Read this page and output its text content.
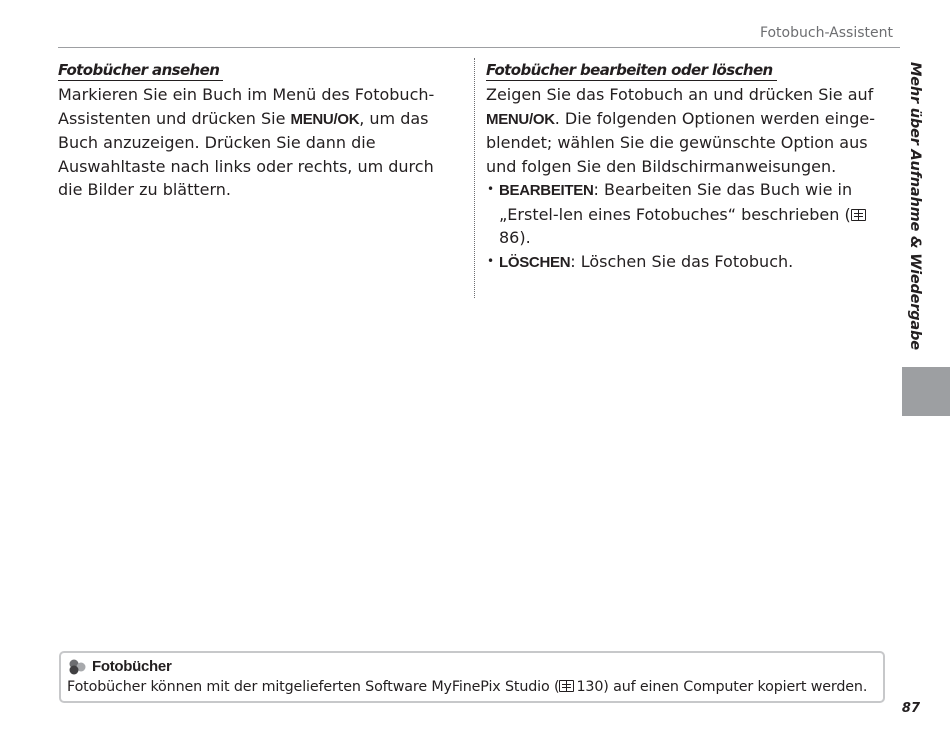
Fotobuch-Assistent
Fotobücher ansehen

Markieren Sie ein Buch im Menü des Fotobuch-Assistenten und drücken Sie MENU/OK, um das Buch anzuzeigen. Drücken Sie dann die Auswahltaste nach links oder rechts, um durch die Bilder zu blättern.

Fotobücher bearbeiten oder löschen

Zeigen Sie das Fotobuch an und drücken Sie auf MENU/OK. Die folgenden Optionen werden einge-blendet; wählen Sie die gewünschte Option aus und folgen Sie den Bildschirmanweisungen.

• BEARBEITEN: Bearbeiten Sie das Buch wie in „Erstel-len eines Fotobuches“ beschrieben (86).
• LÖSCHEN: Löschen Sie das Fotobuch.	Mehr über Aufnahme & Wiedergabe
Fotobücher
Fotobücher können mit der mitgelieferten Software MyFinePix Studio ( 130) auf einen Computer kopiert werden.
87
